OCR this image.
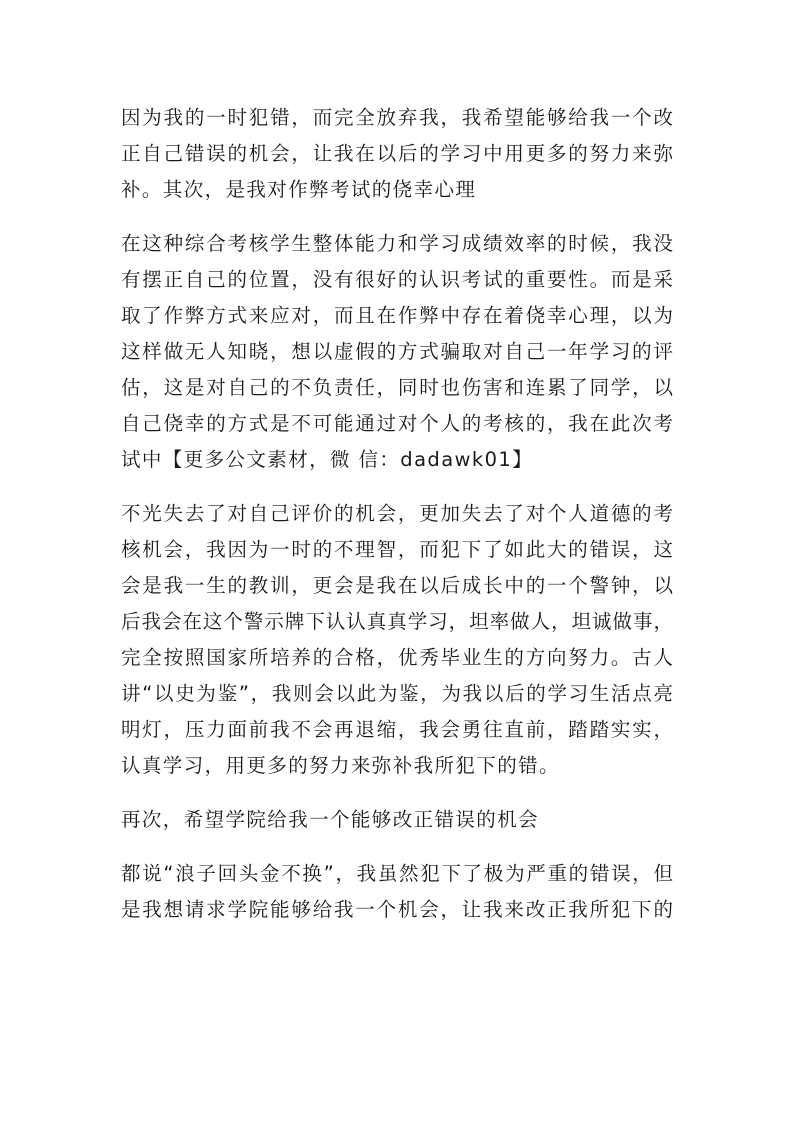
因为我的一时犯错，而完全放弃我，我希望能够给我一个改
正自己错误的机会，让我在以后的学习中用更多的努力来弥
补。其次，是我对作弊考试的侥幸心理
在这种综合考核学生整体能力和学习成绩效率的时候，我没
有摆正自己的位置，没有很好的认识考试的重要性。而是采
取了作弊方式来应对，而且在作弊中存在着侥幸心理，以为
这样做无人知晓，想以虚假的方式骗取对自己一年学习的评
估，这是对自己的不负责任，同时也伤害和连累了同学，以
自己侥幸的方式是不可能通过对个人的考核的，我在此次考
试中【更多公文素材，微 信：dadawk01】
不光失去了对自己评价的机会，更加失去了对个人道德的考
核机会，我因为一时的不理智，而犯下了如此大的错误，这
会是我一生的教训，更会是我在以后成长中的一个警钟，以
后我会在这个警示牌下认认真真学习，坦率做人，坦诚做事，
完全按照国家所培养的合格，优秀毕业生的方向努力。古人
讲“以史为鉴”，我则会以此为鉴，为我以后的学习生活点亮
明灯，压力面前我不会再退缩，我会勇往直前，踏踏实实，
认真学习，用更多的努力来弥补我所犯下的错。
再次，希望学院给我一个能够改正错误的机会
都说“浪子回头金不换”，我虽然犯下了极为严重的错误，但
是我想请求学院能够给我一个机会，让我来改正我所犯下的
